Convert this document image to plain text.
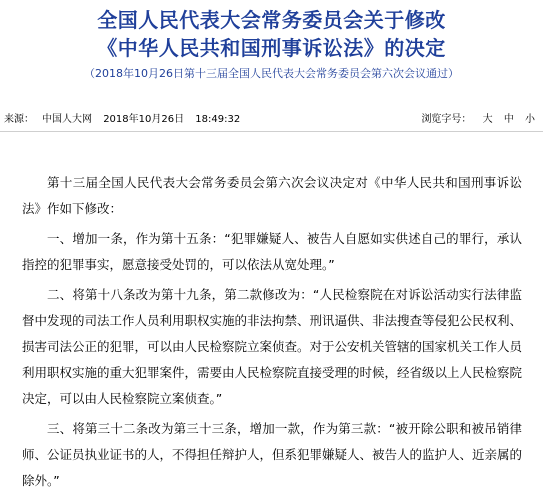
全国人民代表大会常务委员会关于修改
《中华人民共和国刑事诉讼法》的决定
（2018年10月26日第十三届全国人民代表大会常务委员会第六次会议通过）
来源： 中国人大网 2018年10月26日 18:49:32	浏览字号： 大 中 小

第十三届全国人民代表大会常务委员会第六次会议决定对《中华人民共和国刑事诉讼法》作如下修改：

一、增加一条，作为第十五条：“犯罪嫌疑人、被告人自愿如实供述自己的罪行，承认指控的犯罪事实，愿意接受处罚的，可以依法从宽处理。”

二、将第十八条改为第十九条，第二款修改为：“人民检察院在对诉讼活动实行法律监督中发现的司法工作人员利用职权实施的非法拘禁、刑讯逼供、非法搜查等侵犯公民权利、损害司法公正的犯罪，可以由人民检察院立案侦查。对于公安机关管辖的国家机关工作人员利用职权实施的重大犯罪案件，需要由人民检察院直接受理的时候，经省级以上人民检察院决定，可以由人民检察院立案侦查。”

三、将第三十二条改为第三十三条，增加一款，作为第三款：“被开除公职和被吊销律师、公证员执业证书的人，不得担任辩护人，但系犯罪嫌疑人、被告人的监护人、近亲属的除外。”
